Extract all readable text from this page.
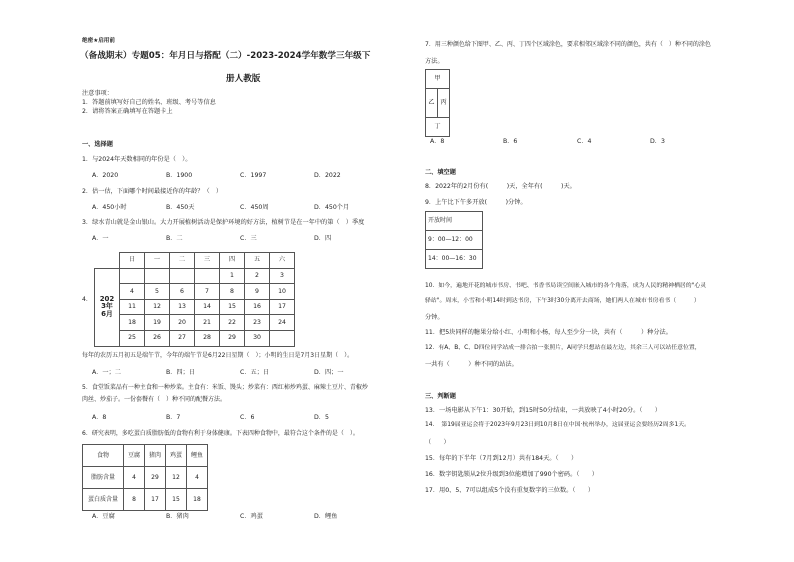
绝密★启用前
（备战期末）专题05：年月日与搭配（二）-2023-2024学年数学三年级下
册人教版
注意事项：
1．答题前填写好自己的姓名、班级、考号等信息
2．请将答案正确填写在答题卡上
一、选择题
1．与2024年天数相同的年份是（　）。
A．2020	B．1900	C．1997	D．2022
2．估一估，下面哪个时间最接近你的年龄？（　）
A．450小时	B．450天	C．450周	D．450个月
3．绿水青山就是金山银山。大力开展植树活动是保护环境的好方法，植树节是在一年中的第（　）季度
A．一	B．二	C．三	D．四
4．
	日	一	二	三	四	五	六
2023年6月					1	2	3
	4	5	6	7	8	9	10
	11	12	13	14	15	16	17
	18	19	20	21	22	23	24
	25	26	27	28	29	30	
每年的农历五月初五是端午节，今年的端午节是6月22日星期（　）；小明的生日是7月3日星期（　）。
A．一；二	B．四；日	C．五；日	D．四；一
5．食堂饭菜品有一种主食和一种炒菜。主食有：米饭、馒头；炒菜有：西红柿炒鸡蛋、麻辣土豆片、青椒炒
肉丝、炒茄子。一份套餐有（　）种不同的配餐方法。
A．8	B．7	C．6	D．5
6．研究表明，多吃蛋白质脂肪低的食物有利于身体健康。下表四种食物中，最符合这个条件的是（　）。
食物	豆腐	猪肉	鸡蛋	鲤鱼
脂肪含量	4	29	12	4
蛋白质含量	8	17	15	18
A．豆腐	B．猪肉	C．鸡蛋	D．鲤鱼
7．用三种颜色给下图甲、乙、丙、丁四个区域涂色，要求相邻区域涂不同的颜色，共有（　）种不同的涂色
方法。
甲
乙	丙
丁
A．8	B．6	C．4	D．3
二、填空题
8．2022年的2月份有(　　　)天，全年有(　　　)天。
9．上午比下午多开放(　　　)分钟。
开放时间
9：00—12：00
14：00—16：30
10．如今，遍地开花的城市书房、书吧、书香书局读空间嵌入城市的各个角落，成为人民的精神栖居的"心灵
驿站"。周末，小雪和小明14时到达书房，下午3时30分离开去商场，她们两人在城市书房看书（　　　）
分钟。
11．把5块同样的糖果分给小红、小明和小杨，每人至少分一块，共有（　　　）种分法。
12．有A、B、C、D四位同学站成一排合拍一张照片，A同学只想站在最左边，其余三人可以站任意位置，
一共有（　　　）种不同的站法。
三、判断题
13．一场电影从下午1：30开始，到15时50分结束，一共放映了4小时20分。（　　）
14．　第19届亚运会将于2023年9月23日到10月8日在中国·杭州举办，这届亚运会要经历2周多1天。
（　　）
15．每年的下半年（7月到12月）共有184天。（　　）
16．数字钥匙锁从2位升级到3位能增加了990个密码。（　　）
17．用0、5、7可以组成5个没有重复数字的三位数。（　　）
